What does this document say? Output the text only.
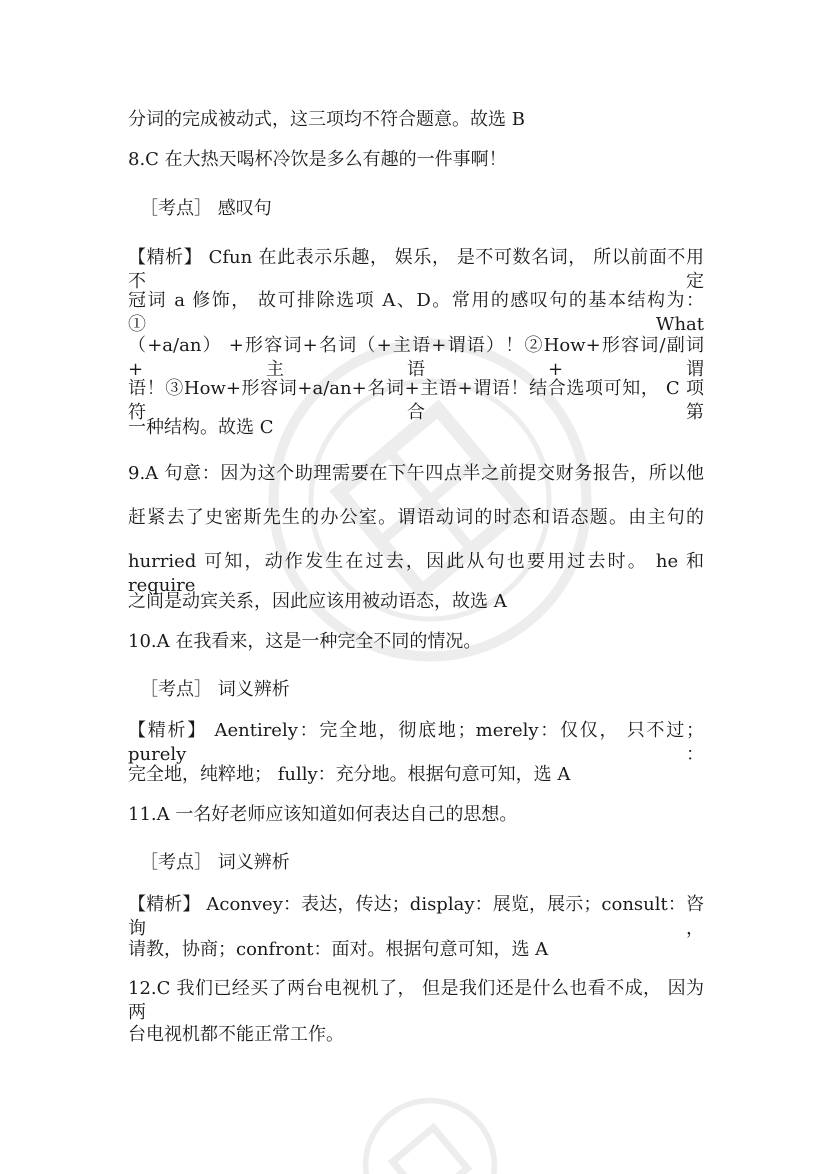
分词的完成被动式，这三项均不符合题意。故选 B
8.C 在大热天喝杯冷饮是多么有趣的一件事啊！
［考点］ 感叹句
【精析】 Cfun 在此表示乐趣， 娱乐， 是不可数名词， 所以前面不用不定
冠词 a 修饰， 故可排除选项 A、D。常用的感叹句的基本结构为：①What
（+a/an） +形容词+名词（+主语+谓语）！②How+形容词/副词+主语+谓
语！③How+形容词+a/an+名词+主语+谓语！结合选项可知， C 项符合第
一种结构。故选 C
9.A 句意：因为这个助理需要在下午四点半之前提交财务报告，所以他
赶紧去了史密斯先生的办公室。谓语动词的时态和语态题。由主句的
hurried 可知，动作发生在过去，因此从句也要用过去时。 he 和 require
之间是动宾关系，因此应该用被动语态，故选 A
10.A 在我看来，这是一种完全不同的情况。
［考点］ 词义辨析
【精析】 Aentirely：完全地，彻底地；merely：仅仅， 只不过；purely：
完全地，纯粹地； fully：充分地。根据句意可知，选 A
11.A 一名好老师应该知道如何表达自己的思想。
［考点］ 词义辨析
【精析】 Aconvey：表达，传达；display：展览，展示；consult：咨询，
请教，协商；confront：面对。根据句意可知，选 A
12.C 我们已经买了两台电视机了， 但是我们还是什么也看不成， 因为两
台电视机都不能正常工作。
